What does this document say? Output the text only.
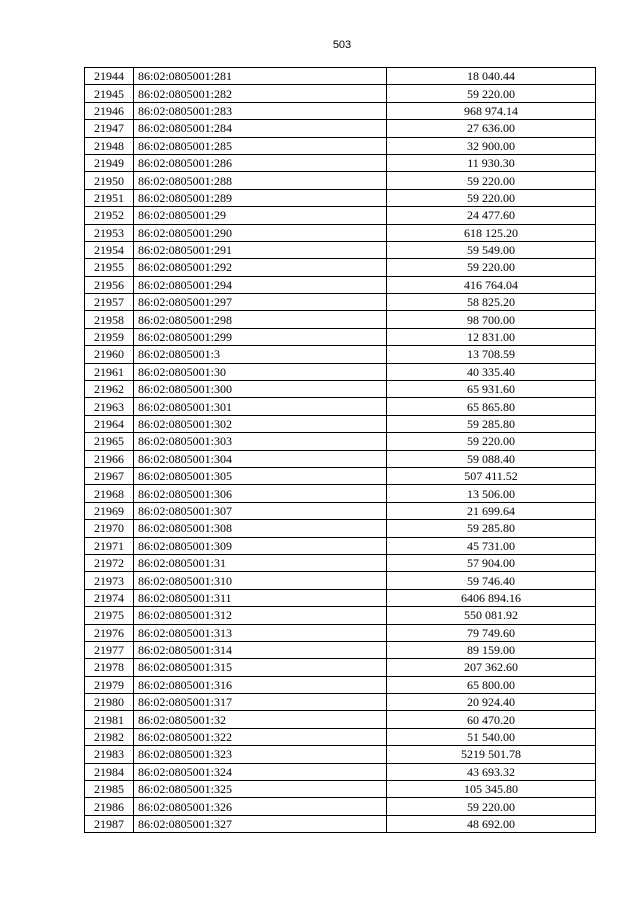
503
21944	86:02:0805001:281	18 040.44
21945	86:02:0805001:282	59 220.00
21946	86:02:0805001:283	968 974.14
21947	86:02:0805001:284	27 636.00
21948	86:02:0805001:285	32 900.00
21949	86:02:0805001:286	11 930.30
21950	86:02:0805001:288	59 220.00
21951	86:02:0805001:289	59 220.00
21952	86:02:0805001:29	24 477.60
21953	86:02:0805001:290	618 125.20
21954	86:02:0805001:291	59 549.00
21955	86:02:0805001:292	59 220.00
21956	86:02:0805001:294	416 764.04
21957	86:02:0805001:297	58 825.20
21958	86:02:0805001:298	98 700.00
21959	86:02:0805001:299	12 831.00
21960	86:02:0805001:3	13 708.59
21961	86:02:0805001:30	40 335.40
21962	86:02:0805001:300	65 931.60
21963	86:02:0805001:301	65 865.80
21964	86:02:0805001:302	59 285.80
21965	86:02:0805001:303	59 220.00
21966	86:02:0805001:304	59 088.40
21967	86:02:0805001:305	507 411.52
21968	86:02:0805001:306	13 506.00
21969	86:02:0805001:307	21 699.64
21970	86:02:0805001:308	59 285.80
21971	86:02:0805001:309	45 731.00
21972	86:02:0805001:31	57 904.00
21973	86:02:0805001:310	59 746.40
21974	86:02:0805001:311	6406 894.16
21975	86:02:0805001:312	550 081.92
21976	86:02:0805001:313	79 749.60
21977	86:02:0805001:314	89 159.00
21978	86:02:0805001:315	207 362.60
21979	86:02:0805001:316	65 800.00
21980	86:02:0805001:317	20 924.40
21981	86:02:0805001:32	60 470.20
21982	86:02:0805001:322	51 540.00
21983	86:02:0805001:323	5219 501.78
21984	86:02:0805001:324	43 693.32
21985	86:02:0805001:325	105 345.80
21986	86:02:0805001:326	59 220.00
21987	86:02:0805001:327	48 692.00
